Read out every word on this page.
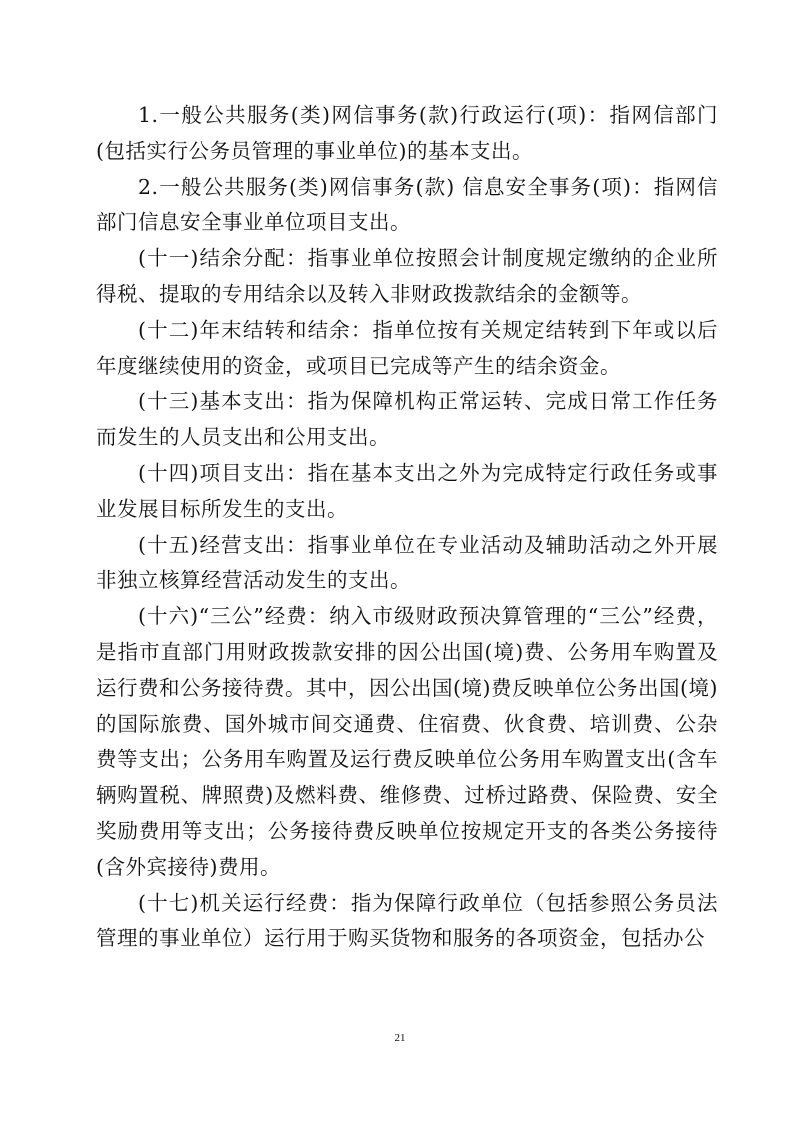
1.一般公共服务(类)网信事务(款)行政运行(项)：指网信部门(包括实行公务员管理的事业单位)的基本支出。

2.一般公共服务(类)网信事务(款) 信息安全事务(项)：指网信部门信息安全事业单位项目支出。

(十一)结余分配：指事业单位按照会计制度规定缴纳的企业所得税、提取的专用结余以及转入非财政拨款结余的金额等。

(十二)年末结转和结余：指单位按有关规定结转到下年或以后年度继续使用的资金，或项目已完成等产生的结余资金。

(十三)基本支出：指为保障机构正常运转、完成日常工作任务而发生的人员支出和公用支出。

(十四)项目支出：指在基本支出之外为完成特定行政任务或事业发展目标所发生的支出。

(十五)经营支出：指事业单位在专业活动及辅助活动之外开展非独立核算经营活动发生的支出。

(十六)“三公”经费：纳入市级财政预决算管理的“三公”经费，是指市直部门用财政拨款安排的因公出国(境)费、公务用车购置及运行费和公务接待费。其中，因公出国(境)费反映单位公务出国(境)的国际旅费、国外城市间交通费、住宿费、伙食费、培训费、公杂费等支出；公务用车购置及运行费反映单位公务用车购置支出(含车辆购置税、牌照费)及燃料费、维修费、过桥过路费、保险费、安全奖励费用等支出；公务接待费反映单位按规定开支的各类公务接待(含外宾接待)费用。

(十七)机关运行经费：指为保障行政单位（包括参照公务员法管理的事业单位）运行用于购买货物和服务的各项资金，包括办公

21
